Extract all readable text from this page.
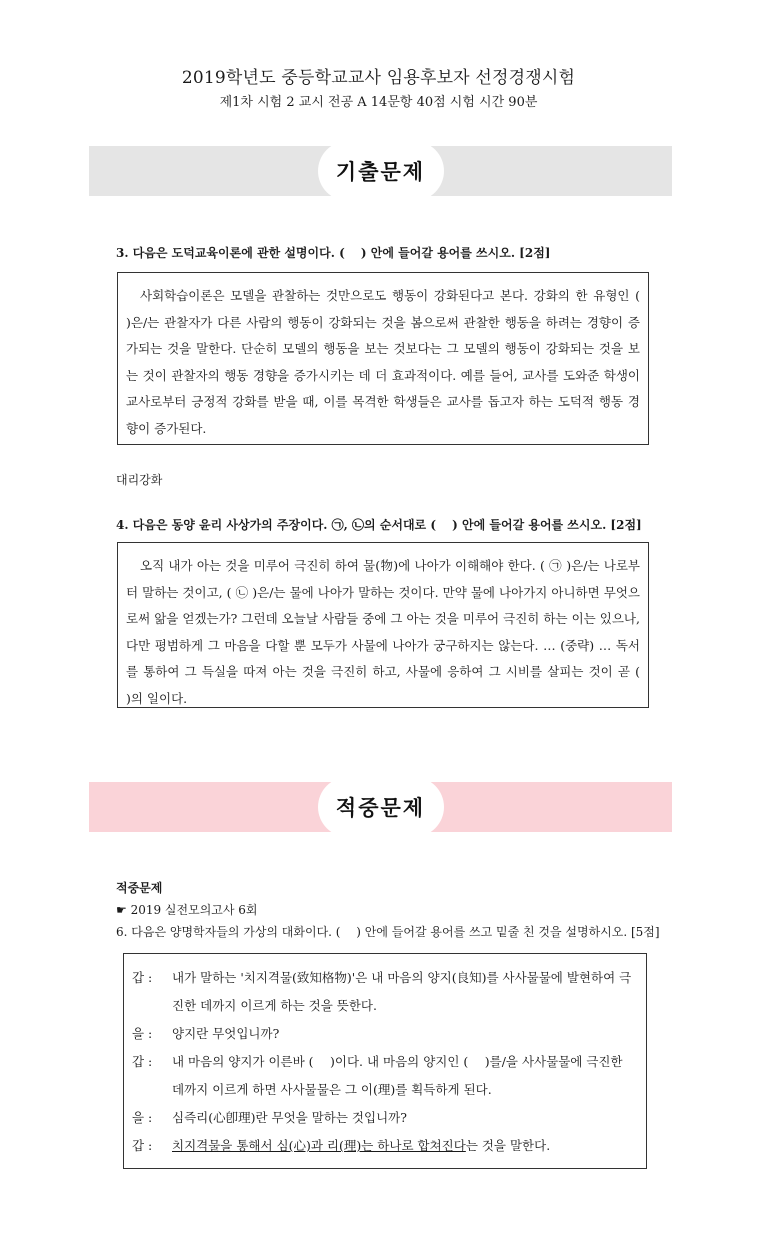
2019학년도 중등학교교사 임용후보자 선정경쟁시험
제1차 시험 2 교시 전공 A 14문항 40점 시험 시간 90분
기출문제
3. 다음은 도덕교육이론에 관한 설명이다. (　 ) 안에 들어갈 용어를 쓰시오. [2점]

사회학습이론은 모델을 관찰하는 것만으로도 행동이 강화된다고 본다. 강화의 한 유형인 (　 )은/는 관찰자가 다른 사람의 행동이 강화되는 것을 봄으로써 관찰한 행동을 하려는 경향이 증가되는 것을 말한다. 단순히 모델의 행동을 보는 것보다는 그 모델의 행동이 강화되는 것을 보는 것이 관찰자의 행동 경향을 증가시키는 데 더 효과적이다. 예를 들어, 교사를 도와준 학생이 교사로부터 긍정적 강화를 받을 때, 이를 목격한 학생들은 교사를 돕고자 하는 도덕적 행동 경향이 증가된다.

대리강화
4. 다음은 동양 윤리 사상가의 주장이다. ㉠, ㉡의 순서대로 (　 ) 안에 들어갈 용어를 쓰시오. [2점]

오직 내가 아는 것을 미루어 극진히 하여 물(物)에 나아가 이해해야 한다. ( ㉠ )은/는 나로부터 말하는 것이고, ( ㉡ )은/는 물에 나아가 말하는 것이다. 만약 물에 나아가지 아니하면 무엇으로써 앎을 얻겠는가? 그런데 오늘날 사람들 중에 그 아는 것을 미루어 극진히 하는 이는 있으나, 다만 평범하게 그 마음을 다할 뿐 모두가 사물에 나아가 궁구하지는 않는다. … (중략) … 독서를 통하여 그 득실을 따져 아는 것을 극진히 하고, 사물에 응하여 그 시비를 살피는 것이 곧 (　 )의 일이다.

적중문제
적중문제
☛ 2019 실전모의고사 6회
6. 다음은 양명학자들의 가상의 대화이다. (　 ) 안에 들어갈 용어를 쓰고 밑줄 친 것을 설명하시오. [5점]
갑 :	내가 말하는 '치지격물(致知格物)'은 내 마음의 양지(良知)를 사사물물에 발현하여 극진한 데까지 이르게 하는 것을 뜻한다.
을 :	양지란 무엇입니까?
갑 :	내 마음의 양지가 이른바 (　 )이다. 내 마음의 양지인 (　 )를/을 사사물물에 극진한 데까지 이르게 하면 사사물물은 그 이(理)를 획득하게 된다.
을 :	심즉리(心卽理)란 무엇을 말하는 것입니까?
갑 :	치지격물을 통해서 심(心)과 리(理)는 하나로 합쳐진다는 것을 말한다.
